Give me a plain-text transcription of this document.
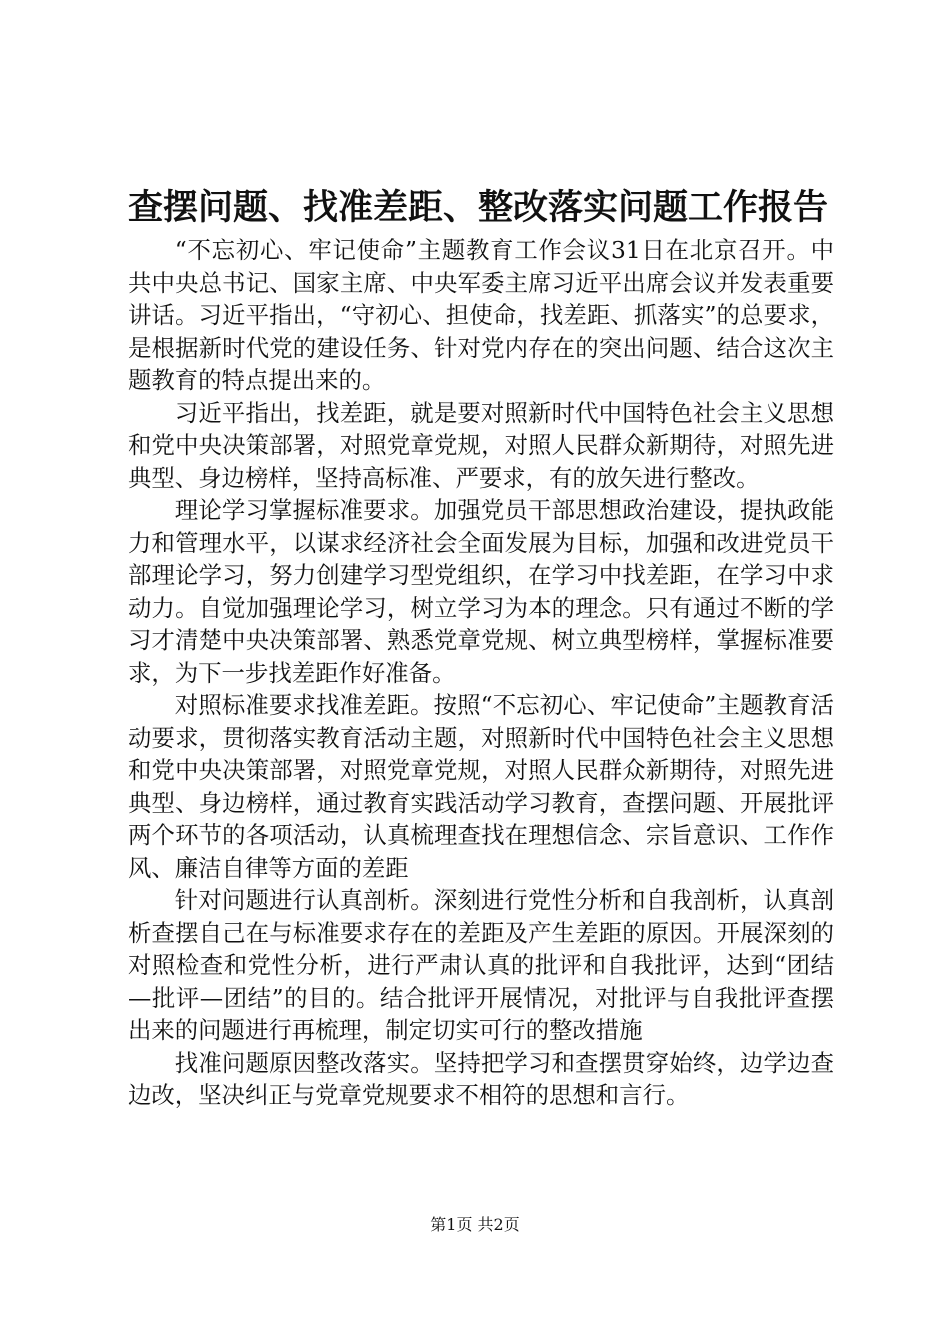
查摆问题、找准差距、整改落实问题工作报告

“不忘初心、牢记使命”主题教育工作会议31日在北京召开。中共中央总书记、国家主席、中央军委主席习近平出席会议并发表重要讲话。习近平指出，“守初心、担使命，找差距、抓落实”的总要求，是根据新时代党的建设任务、针对党内存在的突出问题、结合这次主题教育的特点提出来的。

习近平指出，找差距，就是要对照新时代中国特色社会主义思想和党中央决策部署，对照党章党规，对照人民群众新期待，对照先进典型、身边榜样，坚持高标准、严要求，有的放矢进行整改。

理论学习掌握标准要求。加强党员干部思想政治建设，提执政能力和管理水平，以谋求经济社会全面发展为目标，加强和改进党员干部理论学习，努力创建学习型党组织，在学习中找差距，在学习中求动力。自觉加强理论学习，树立学习为本的理念。只有通过不断的学习才清楚中央决策部署、熟悉党章党规、树立典型榜样，掌握标准要求，为下一步找差距作好准备。

对照标准要求找准差距。按照“不忘初心、牢记使命”主题教育活动要求，贯彻落实教育活动主题，对照新时代中国特色社会主义思想和党中央决策部署，对照党章党规，对照人民群众新期待，对照先进典型、身边榜样，通过教育实践活动学习教育，查摆问题、开展批评两个环节的各项活动，认真梳理查找在理想信念、宗旨意识、工作作风、廉洁自律等方面的差距

针对问题进行认真剖析。深刻进行党性分析和自我剖析，认真剖析查摆自己在与标准要求存在的差距及产生差距的原因。开展深刻的对照检查和党性分析，进行严肃认真的批评和自我批评，达到“团结—批评—团结”的目的。结合批评开展情况，对批评与自我批评查摆出来的问题进行再梳理，制定切实可行的整改措施

找准问题原因整改落实。坚持把学习和查摆贯穿始终，边学边查边改，坚决纠正与党章党规要求不相符的思想和言行。

第1页 共2页
